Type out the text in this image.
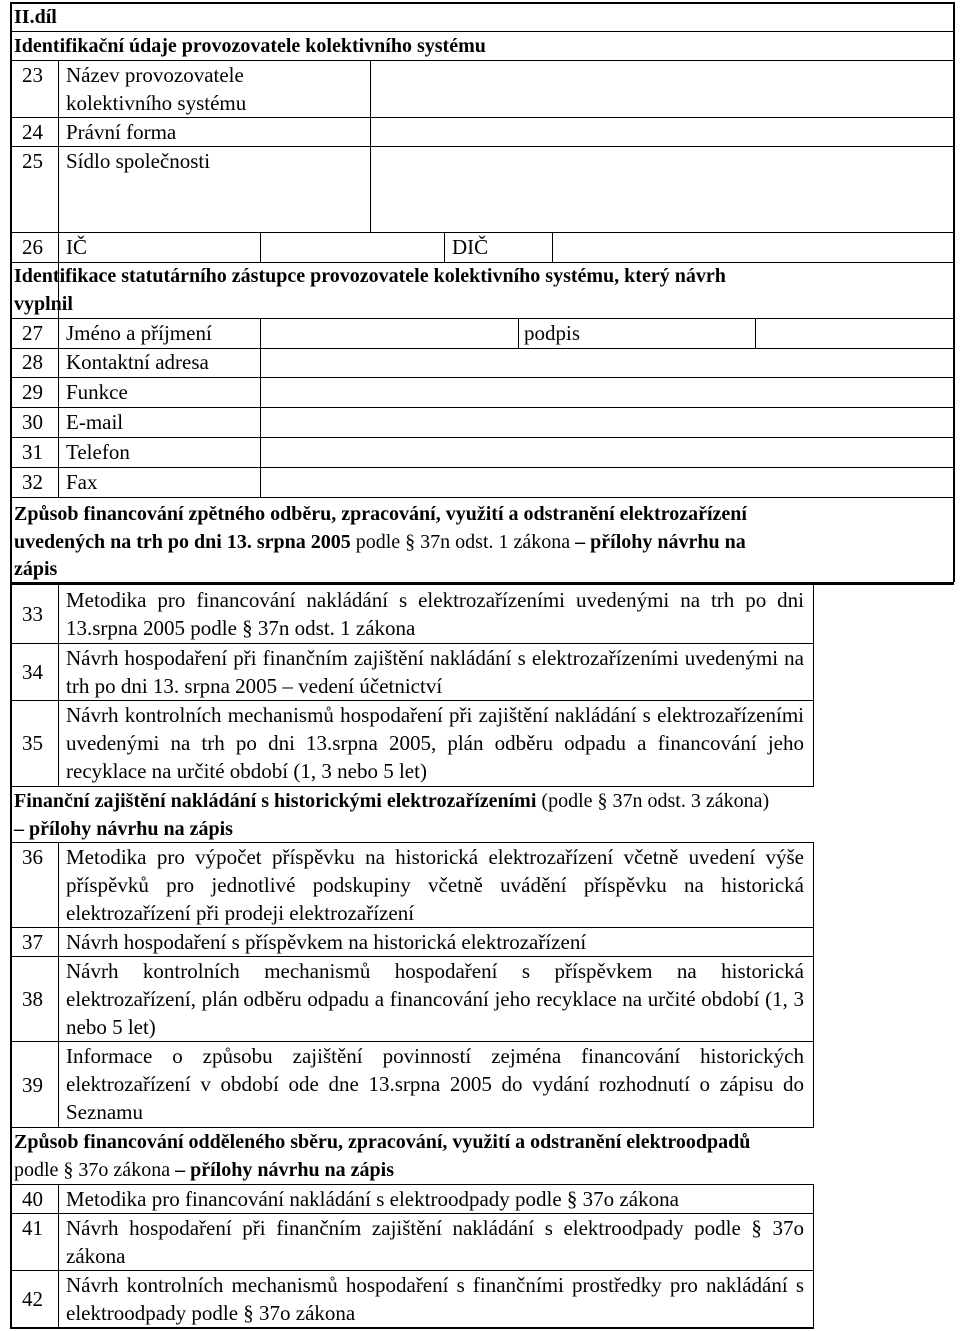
II.díl
Identifikační údaje provozovatele kolektivního systému
23 Název provozovatele
kolektivního systému
24 Právní forma
25 Sídlo společnosti
26 IČ	DIČ
Identifikace statutárního zástupce provozovatele kolektivního systému, který návrh
vyplnil
27 Jméno a příjmení	podpis
28 Kontaktní adresa
29 Funkce
30 E-mail
31 Telefon
32 Fax
Způsob financování zpětného odběru, zpracování, využití a odstranění elektrozařízení
uvedených na trh po dni 13. srpna 2005 podle § 37n odst. 1 zákona – přílohy návrhu na
zápis
33
Metodika pro financování nakládání s elektrozařízeními uvedenými na trh po dni 13.srpna 2005 podle § 37n odst. 1 zákona
34
Návrh hospodaření při finančním zajištění nakládání s elektrozařízeními uvedenými na trh po dni 13. srpna 2005 – vedení účetnictví
35
Návrh kontrolních mechanismů hospodaření při zajištění nakládání s elektrozařízeními uvedenými na trh po dni 13.srpna 2005, plán odběru odpadu a financování jeho recyklace na určité období (1, 3 nebo 5 let)
Finanční zajištění nakládání s historickými elektrozařízeními (podle § 37n odst. 3 zákona)
– přílohy návrhu na zápis
36 Metodika pro výpočet příspěvku na historická elektrozařízení včetně uvedení výše příspěvků pro jednotlivé podskupiny včetně uvádění příspěvku na historická elektrozařízení při prodeji elektrozařízení
37 Návrh hospodaření s příspěvkem na historická elektrozařízení
38
Návrh kontrolních mechanismů hospodaření s příspěvkem na historická elektrozařízení, plán odběru odpadu a financování jeho recyklace na určité období (1, 3 nebo 5 let)
39
Informace o způsobu zajištění povinností zejména financování historických elektrozařízení v období ode dne 13.srpna 2005 do vydání rozhodnutí o zápisu do Seznamu
Způsob financování odděleného sběru, zpracování, využití a odstranění elektroodpadů
podle § 37o zákona – přílohy návrhu na zápis
40 Metodika pro financování nakládání s elektroodpady podle § 37o zákona
41 Návrh hospodaření při finančním zajištění nakládání s elektroodpady podle § 37o zákona
42
Návrh kontrolních mechanismů hospodaření s finančními prostředky pro nakládání s elektroodpady podle § 37o zákona
